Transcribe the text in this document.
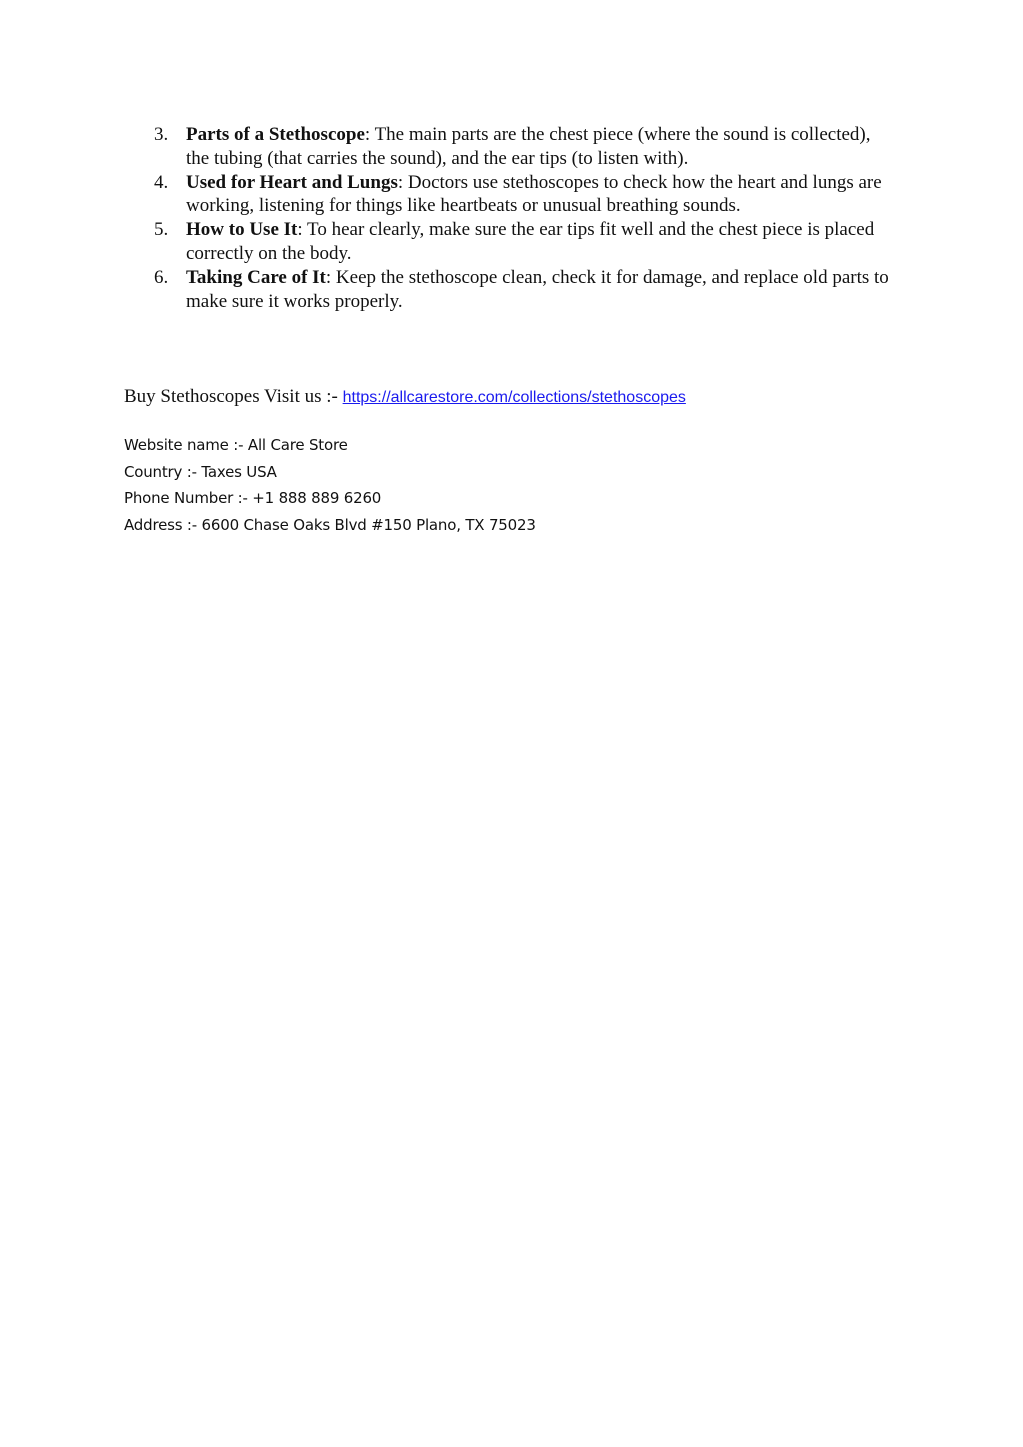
3. Parts of a Stethoscope: The main parts are the chest piece (where the sound is collected), the tubing (that carries the sound), and the ear tips (to listen with).
4. Used for Heart and Lungs: Doctors use stethoscopes to check how the heart and lungs are working, listening for things like heartbeats or unusual breathing sounds.
5. How to Use It: To hear clearly, make sure the ear tips fit well and the chest piece is placed correctly on the body.
6. Taking Care of It: Keep the stethoscope clean, check it for damage, and replace old parts to make sure it works properly.

Buy Stethoscopes Visit us :- https://allcarestore.com/collections/stethoscopes

Website name :- All Care Store
Country :- Taxes USA
Phone Number :- +1 888 889 6260
Address :- 6600 Chase Oaks Blvd #150 Plano, TX 75023
